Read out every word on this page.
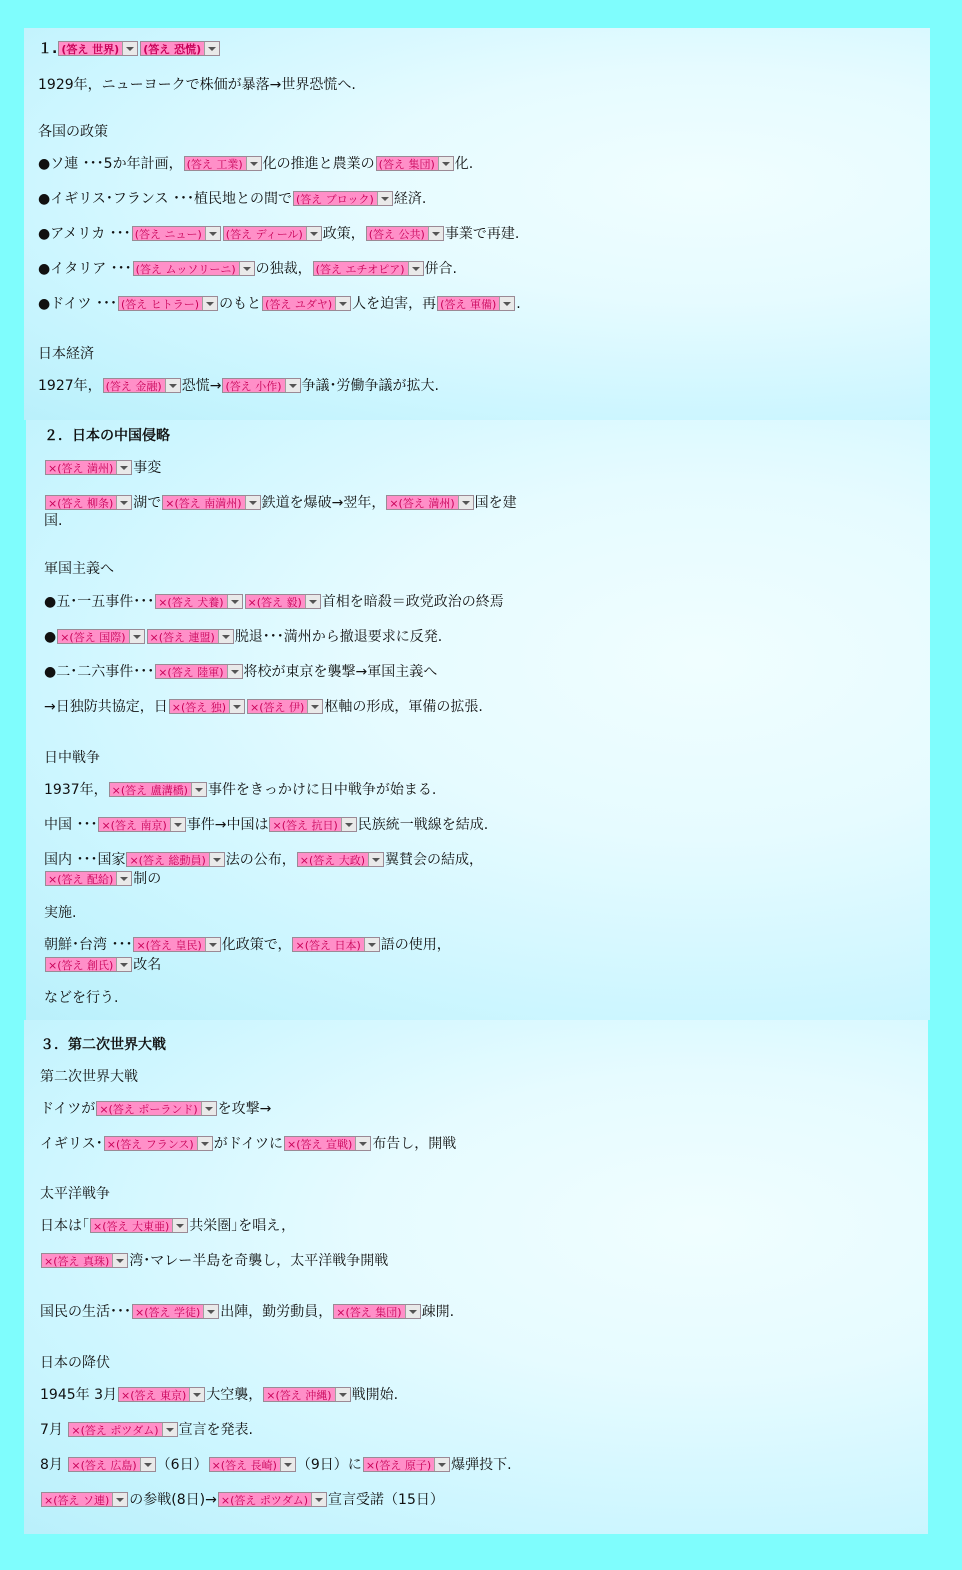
１. (答え 世界) (答え 恐慌)
1929年，ニューヨークで株価が暴落→世界恐慌へ.
各国の政策
●ソ連 ･･･5か年計画， (答え 工業) 化の推進と農業の (答え 集団) 化.
●イギリス･フランス ･･･植民地との間で (答え ブロック) 経済.
●アメリカ ･･･ (答え ニュー) (答え ディール) 政策， (答え 公共) 事業で再建.
●イタリア ･･･ (答え ムッソリーニ) の独裁， (答え エチオピア) 併合.
●ドイツ ･･･ (答え ヒトラー) のもと (答え ユダヤ) 人を迫害，再 (答え 軍備) .
日本経済
1927年， (答え 金融) 恐慌→ (答え 小作) 争議･労働争議が拡大.
２．日本の中国侵略
×(答え 満州) 事変
×(答え 柳条) 湖で ×(答え 南満州) 鉄道を爆破→翌年， ×(答え 満州) 国を建
国.
軍国主義へ
●五･一五事件･･･ ×(答え 犬養) ×(答え 毅) 首相を暗殺＝政党政治の終焉
● ×(答え 国際) ×(答え 連盟) 脱退･･･満州から撤退要求に反発.
●二･二六事件･･･ ×(答え 陸軍) 将校が東京を襲撃→軍国主義へ
→日独防共協定，日 ×(答え 独) ×(答え 伊) 枢軸の形成，軍備の拡張.
日中戦争
1937年， ×(答え 盧溝橋) 事件をきっかけに日中戦争が始まる.
中国 ･･･ ×(答え 南京) 事件→中国は ×(答え 抗日) 民族統一戦線を結成.
国内 ･･･国家 ×(答え 総動員) 法の公布， ×(答え 大政) 翼賛会の結成，
×(答え 配給) 制の
実施.
朝鮮･台湾 ･･･ ×(答え 皇民) 化政策で， ×(答え 日本) 語の使用，
×(答え 創氏) 改名
などを行う.
３．第二次世界大戦
第二次世界大戦
ドイツが ×(答え ポーランド) を攻撃→
イギリス･ ×(答え フランス) がドイツに ×(答え 宣戦) 布告し，開戦
太平洋戦争
日本は｢ ×(答え 大東亜) 共栄圏｣を唱え，
×(答え 真珠) 湾･マレー半島を奇襲し，太平洋戦争開戦
国民の生活･･･ ×(答え 学徒) 出陣，勤労動員， ×(答え 集団) 疎開.
日本の降伏
1945年 3月 ×(答え 東京) 大空襲， ×(答え 沖縄) 戦開始.
7月 ×(答え ポツダム) 宣言を発表.
8月 ×(答え 広島) （6日） ×(答え 長崎) （9日）に ×(答え 原子) 爆弾投下.
×(答え ソ連) の参戦(8日)→ ×(答え ポツダム) 宣言受諾（15日）
